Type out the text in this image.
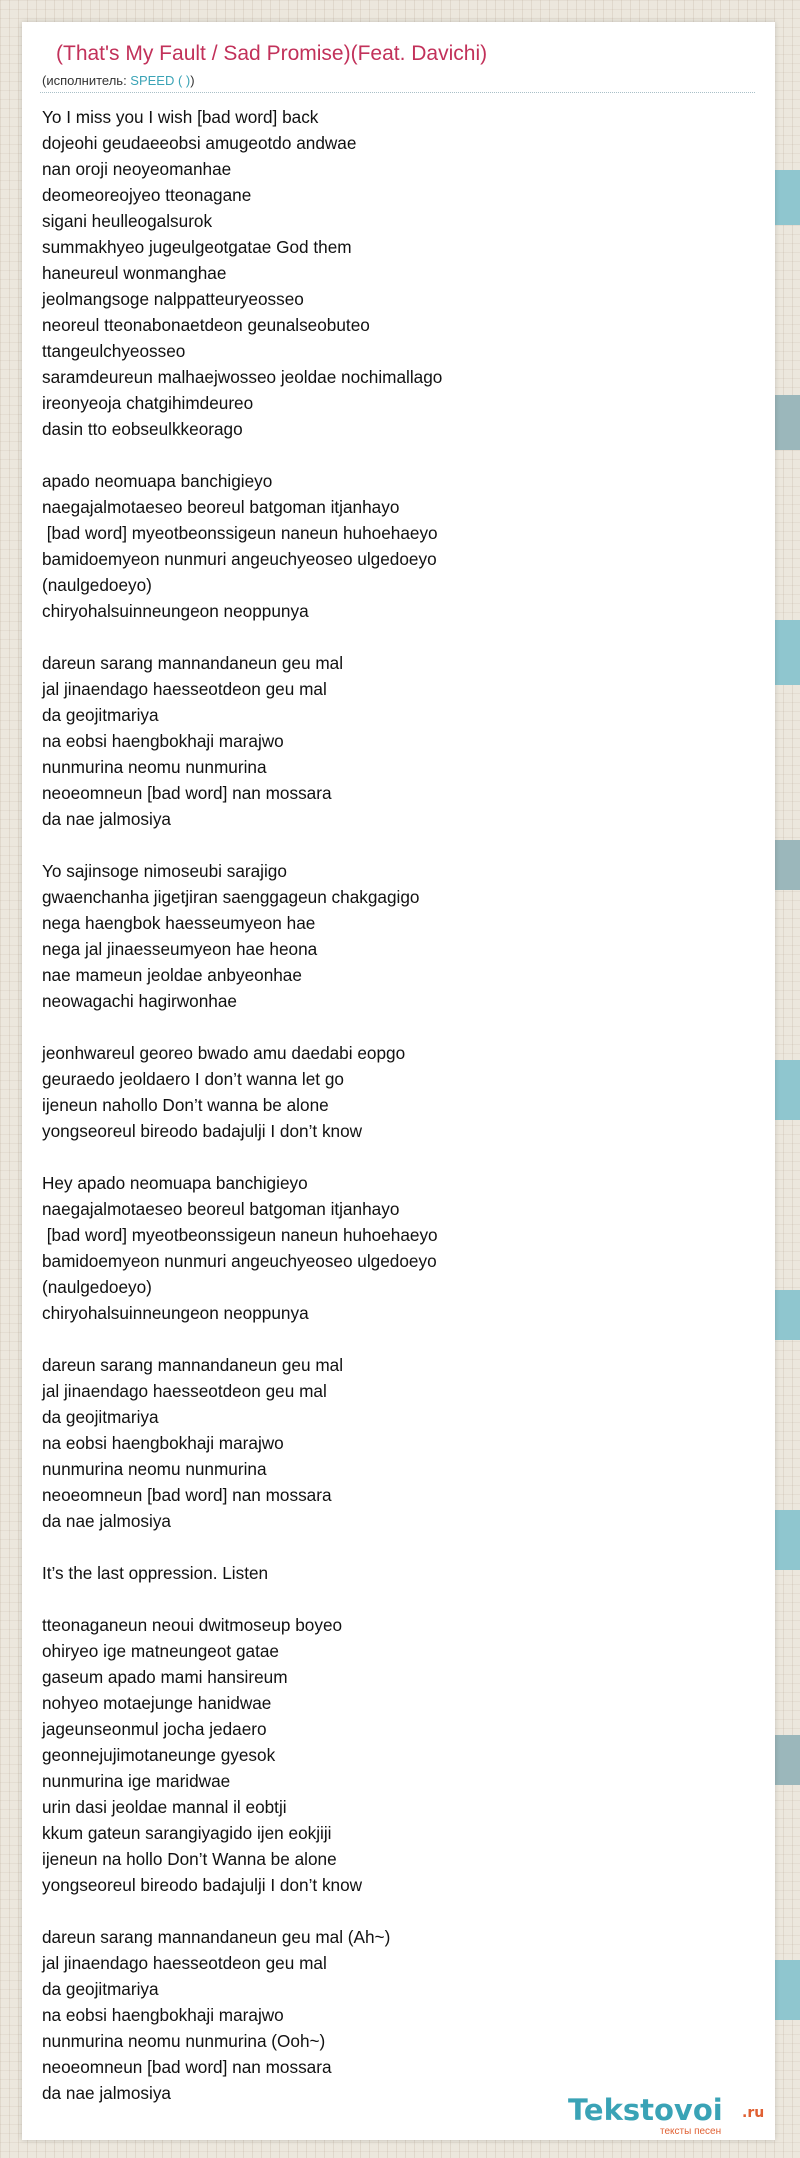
(That's My Fault / Sad Promise)(Feat. Davichi)
(исполнитель: SPEED ( ))
Yo I miss you I wish [bad word] back
dojeohi geudaeeobsi amugeotdo andwae
nan oroji neoyeomanhae
deomeoreojyeo tteonagane
sigani heulleogalsurok
summakhyeo jugeulgeotgatae God them
haneureul wonmanghae
jeolmangsoge nalppatteuryeosseo
neoreul tteonabonaetdeon geunalseobuteo
ttangeulchyeosseo
saramdeureun malhaejwosseo jeoldae nochimallago
ireonyeoja chatgihimdeureo
dasin tto eobseulkkeorago
apado neomuapa banchigieyo
naegajalmotaeseo beoreul batgoman itjanhayo
[bad word] myeotbeonssigeun naneun huhoehaeyo
bamidoemyeon nunmuri angeuchyeoseo ulgedoeyo
(naulgedoeyo)
chiryohalsuinneungeon neoppunya
dareun sarang mannandaneun geu mal
jal jinaendago haesseotdeon geu mal
da geojitmariya
na eobsi haengbokhaji marajwo
nunmurina neomu nunmurina
neoeomneun [bad word] nan mossara
da nae jalmosiya
Yo sajinsoge nimoseubi sarajigo
gwaenchanha jigetjiran saenggageun chakgagigo
nega haengbok haesseumyeon hae
nega jal jinaesseumyeon hae heona
nae mameun jeoldae anbyeonhae
neowagachi hagirwonhae
jeonhwareul georeo bwado amu daedabi eopgo
geuraedo jeoldaero I don’t wanna let go
ijeneun nahollo Don’t wanna be alone
yongseoreul bireodo badajulji I don’t know
Hey apado neomuapa banchigieyo
naegajalmotaeseo beoreul batgoman itjanhayo
[bad word] myeotbeonssigeun naneun huhoehaeyo
bamidoemyeon nunmuri angeuchyeoseo ulgedoeyo
(naulgedoeyo)
chiryohalsuinneungeon neoppunya
dareun sarang mannandaneun geu mal
jal jinaendago haesseotdeon geu mal
da geojitmariya
na eobsi haengbokhaji marajwo
nunmurina neomu nunmurina
neoeomneun [bad word] nan mossara
da nae jalmosiya
It’s the last oppression. Listen
tteonaganeun neoui dwitmoseup boyeo
ohiryeo ige matneungeot gatae
gaseum apado mami hansireum
nohyeo motaejunge hanidwae
jageunseonmul jocha jedaero
geonnejujimotaneunge gyesok
nunmurina ige maridwae
urin dasi jeoldae mannal il eobtji
kkum gateun sarangiyagido ijen eokjiji
ijeneun na hollo Don’t Wanna be alone
yongseoreul bireodo badajulji I don’t know
dareun sarang mannandaneun geu mal (Ah~)
jal jinaendago haesseotdeon geu mal
da geojitmariya
na eobsi haengbokhaji marajwo
nunmurina neomu nunmurina (Ooh~)
neoeomneun [bad word] nan mossara
da nae jalmosiya	Tekstovoi .ru
тексты песен
